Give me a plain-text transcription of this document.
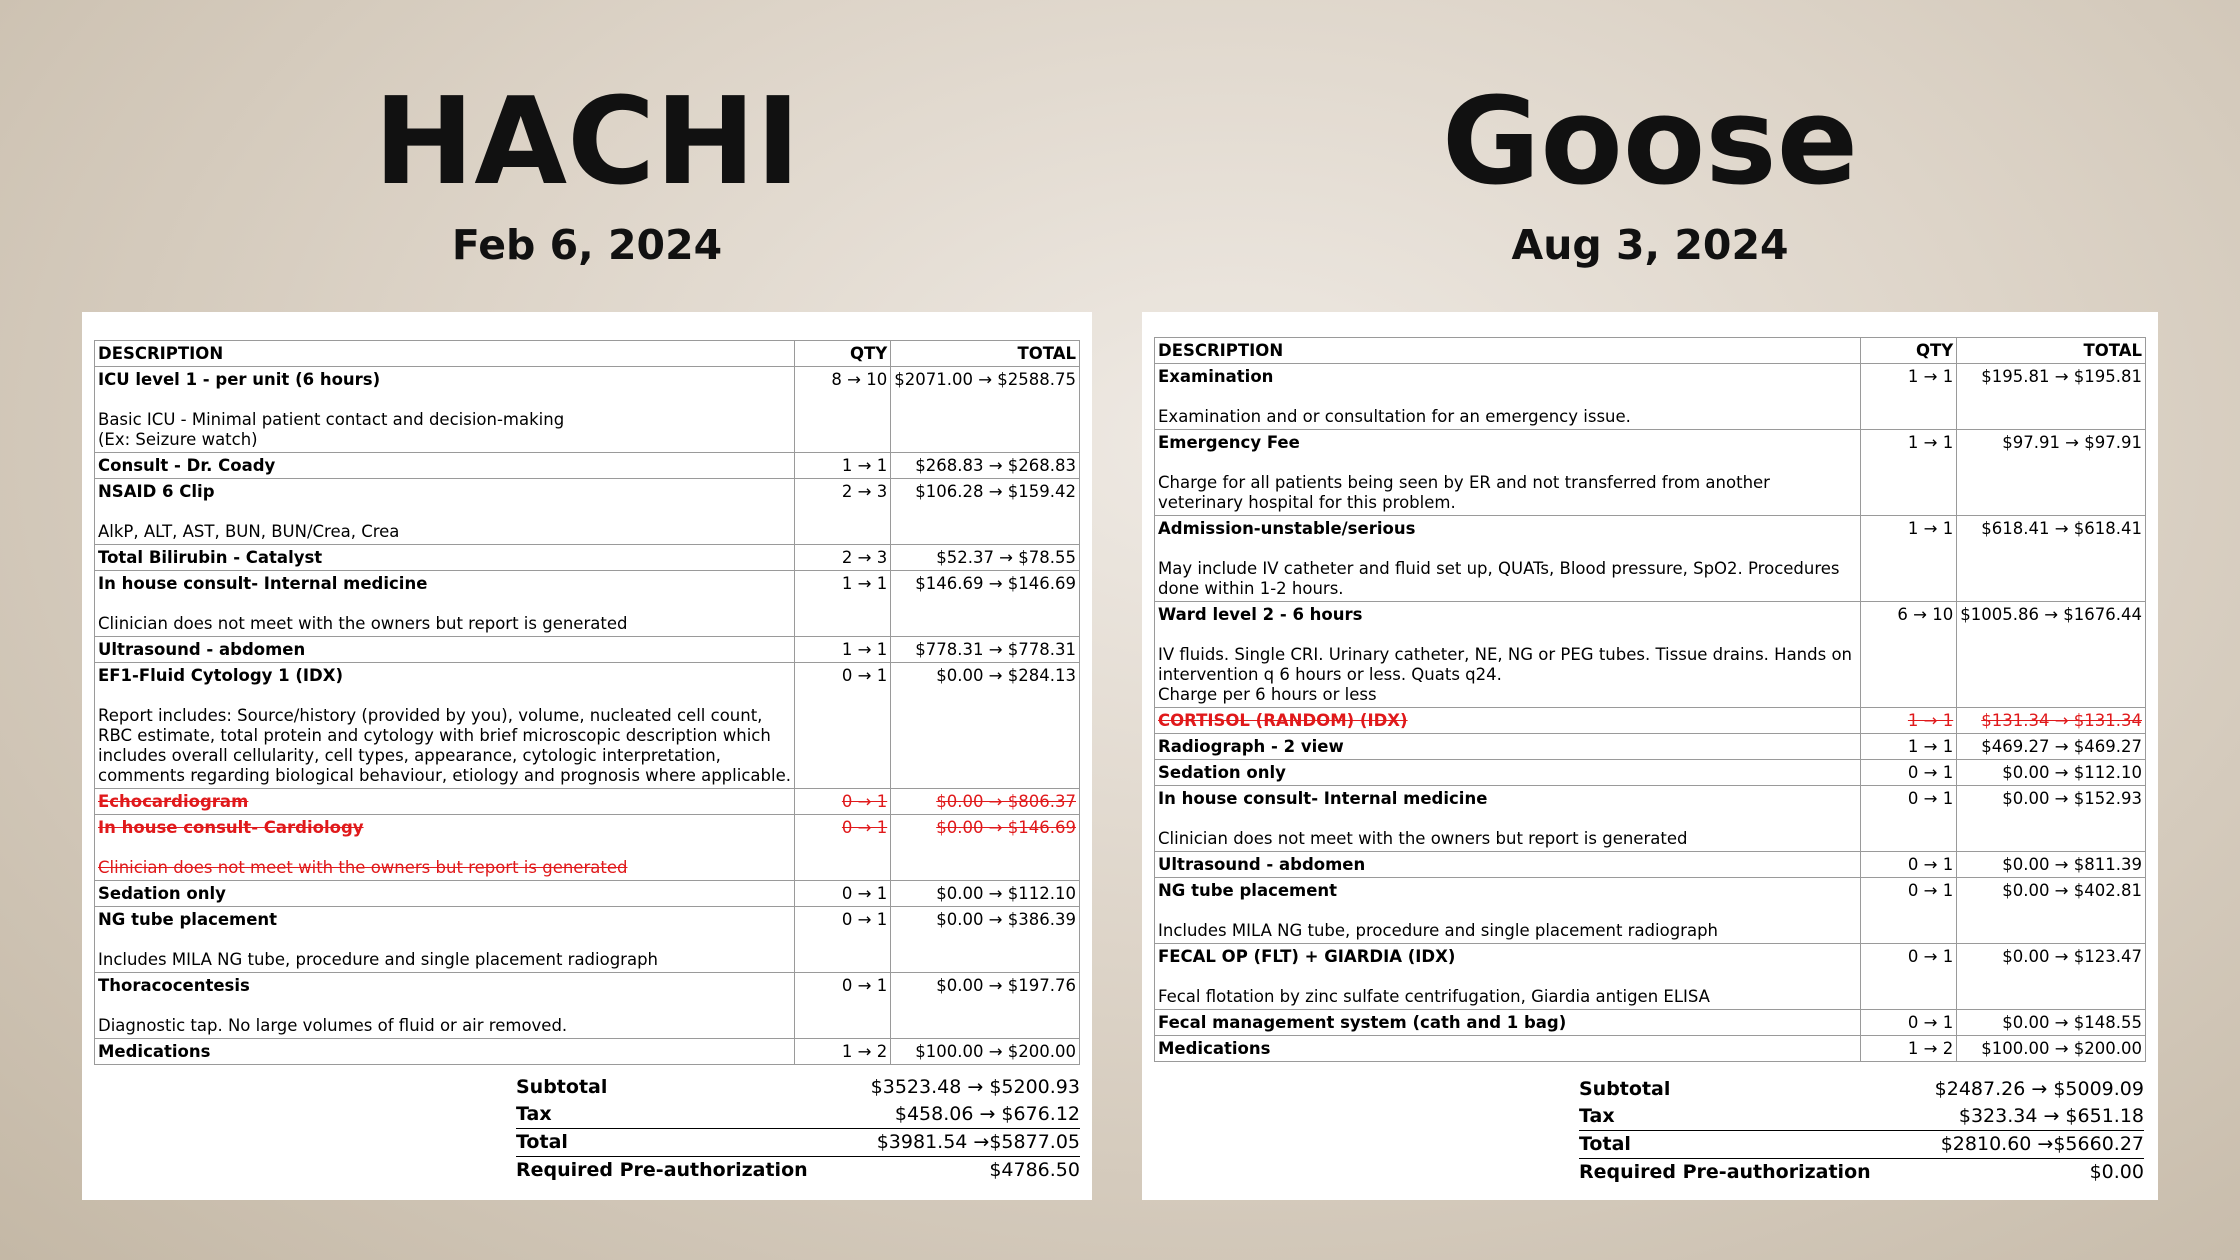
HACHI
Feb 6, 2024
DESCRIPTION	QTY	TOTAL

ICU level 1 - per unit (6 hours)
Basic ICU - Minimal patient contact and decision-making
(Ex: Seizure watch)	8 → 10	$2071.00 → $2588.75

Consult - Dr. Coady	1 → 1	$268.83 → $268.83

NSAID 6 Clip
AlkP, ALT, AST, BUN, BUN/Crea, Crea	2 → 3	$106.28 → $159.42

Total Bilirubin - Catalyst	2 → 3	$52.37 → $78.55

In house consult- Internal medicine
Clinician does not meet with the owners but report is generated	1 → 1	$146.69 → $146.69

Ultrasound - abdomen	1 → 1	$778.31 → $778.31

EF1-Fluid Cytology 1 (IDX)
Report includes: Source/history (provided by you), volume, nucleated cell count, RBC estimate, total protein and cytology with brief microscopic description which includes overall cellularity, cell types, appearance, cytologic interpretation, comments regarding biological behaviour, etiology and prognosis where applicable.	0 → 1	$0.00 → $284.13

Echocardiogram	0 → 1	$0.00 → $806.37

In house consult- Cardiology
Clinician does not meet with the owners but report is generated	0 → 1	$0.00 → $146.69

Sedation only	0 → 1	$0.00 → $112.10

NG tube placement
Includes MILA NG tube, procedure and single placement radiograph	0 → 1	$0.00 → $386.39

Thoracocentesis
Diagnostic tap. No large volumes of fluid or air removed.	0 → 1	$0.00 → $197.76

Medications	1 → 2	$100.00 → $200.00
Subtotal	$3523.48 → $5200.93
Tax	$458.06 → $676.12
Total	$3981.54 →$5877.05
Required Pre-authorization	$4786.50
Goose
Aug 3, 2024
DESCRIPTION	QTY	TOTAL

Examination
Examination and or consultation for an emergency issue.	1 → 1	$195.81 → $195.81

Emergency Fee
Charge for all patients being seen by ER and not transferred from another veterinary hospital for this problem.	1 → 1	$97.91 → $97.91

Admission-unstable/serious
May include IV catheter and fluid set up, QUATs, Blood pressure, SpO2. Procedures done within 1-2 hours.	1 → 1	$618.41 → $618.41

Ward level 2 - 6 hours
IV fluids. Single CRI. Urinary catheter, NE, NG or PEG tubes. Tissue drains. Hands on intervention q 6 hours or less. Quats q24.
Charge per 6 hours or less	6 → 10	$1005.86 → $1676.44

CORTISOL (RANDOM) (IDX)	1 → 1	$131.34 → $131.34

Radiograph - 2 view	1 → 1	$469.27 → $469.27

Sedation only	0 → 1	$0.00 → $112.10

In house consult- Internal medicine
Clinician does not meet with the owners but report is generated	0 → 1	$0.00 → $152.93

Ultrasound - abdomen	0 → 1	$0.00 → $811.39

NG tube placement
Includes MILA NG tube, procedure and single placement radiograph	0 → 1	$0.00 → $402.81

FECAL OP (FLT) + GIARDIA (IDX)
Fecal flotation by zinc sulfate centrifugation, Giardia antigen ELISA	0 → 1	$0.00 → $123.47

Fecal management system (cath and 1 bag)	0 → 1	$0.00 → $148.55

Medications	1 → 2	$100.00 → $200.00
Subtotal	$2487.26 → $5009.09
Tax	$323.34 → $651.18
Total	$2810.60 →$5660.27
Required Pre-authorization	$0.00
